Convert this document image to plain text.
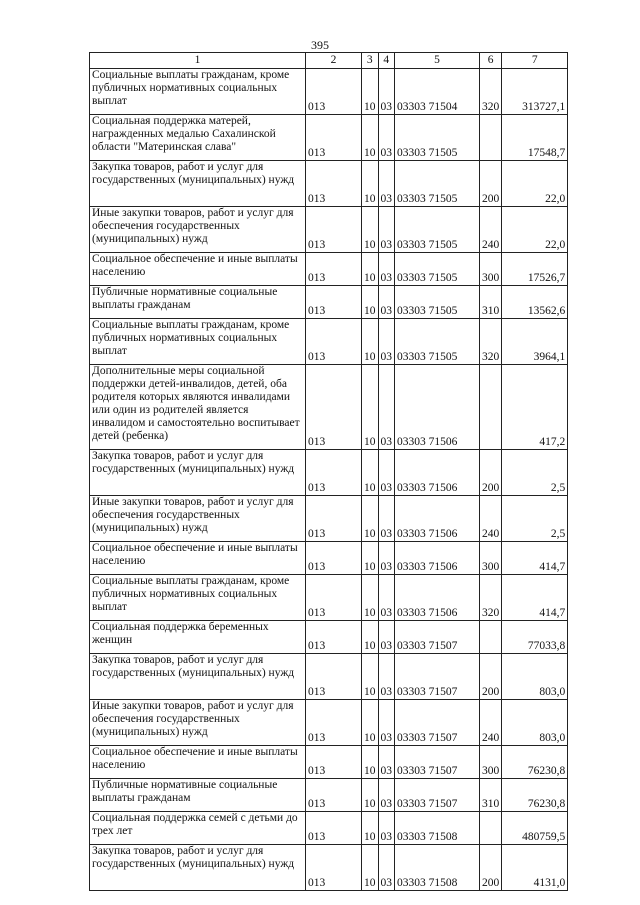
395
1	2	3	4	5	6	7
Социальные выплаты гражданам, кроме публичных нормативных социальных выплат	013	10	03	03303 71504	320	313727,1
Социальная поддержка матерей, награжденных медалью Сахалинской области "Материнская слава"	013	10	03	03303 71505		17548,7
Закупка товаров, работ и услуг для государственных (муниципальных) нужд	013	10	03	03303 71505	200	22,0
Иные закупки товаров, работ и услуг для обеспечения государственных (муниципальных) нужд	013	10	03	03303 71505	240	22,0
Социальное обеспечение и иные выплаты населению	013	10	03	03303 71505	300	17526,7
Публичные нормативные социальные выплаты гражданам	013	10	03	03303 71505	310	13562,6
Социальные выплаты гражданам, кроме публичных нормативных социальных выплат	013	10	03	03303 71505	320	3964,1
Дополнительные меры социальной поддержки детей-инвалидов, детей, оба родителя которых являются инвалидами или один из родителей является инвалидом и самостоятельно воспитывает детей (ребенка)	013	10	03	03303 71506		417,2
Закупка товаров, работ и услуг для государственных (муниципальных) нужд	013	10	03	03303 71506	200	2,5
Иные закупки товаров, работ и услуг для обеспечения государственных (муниципальных) нужд	013	10	03	03303 71506	240	2,5
Социальное обеспечение и иные выплаты населению	013	10	03	03303 71506	300	414,7
Социальные выплаты гражданам, кроме публичных нормативных социальных выплат	013	10	03	03303 71506	320	414,7
Социальная поддержка беременных женщин	013	10	03	03303 71507		77033,8
Закупка товаров, работ и услуг для государственных (муниципальных) нужд	013	10	03	03303 71507	200	803,0
Иные закупки товаров, работ и услуг для обеспечения государственных (муниципальных) нужд	013	10	03	03303 71507	240	803,0
Социальное обеспечение и иные выплаты населению	013	10	03	03303 71507	300	76230,8
Публичные нормативные социальные выплаты гражданам	013	10	03	03303 71507	310	76230,8
Социальная поддержка семей с детьми до трех лет	013	10	03	03303 71508		480759,5
Закупка товаров, работ и услуг для государственных (муниципальных) нужд	013	10	03	03303 71508	200	4131,0
